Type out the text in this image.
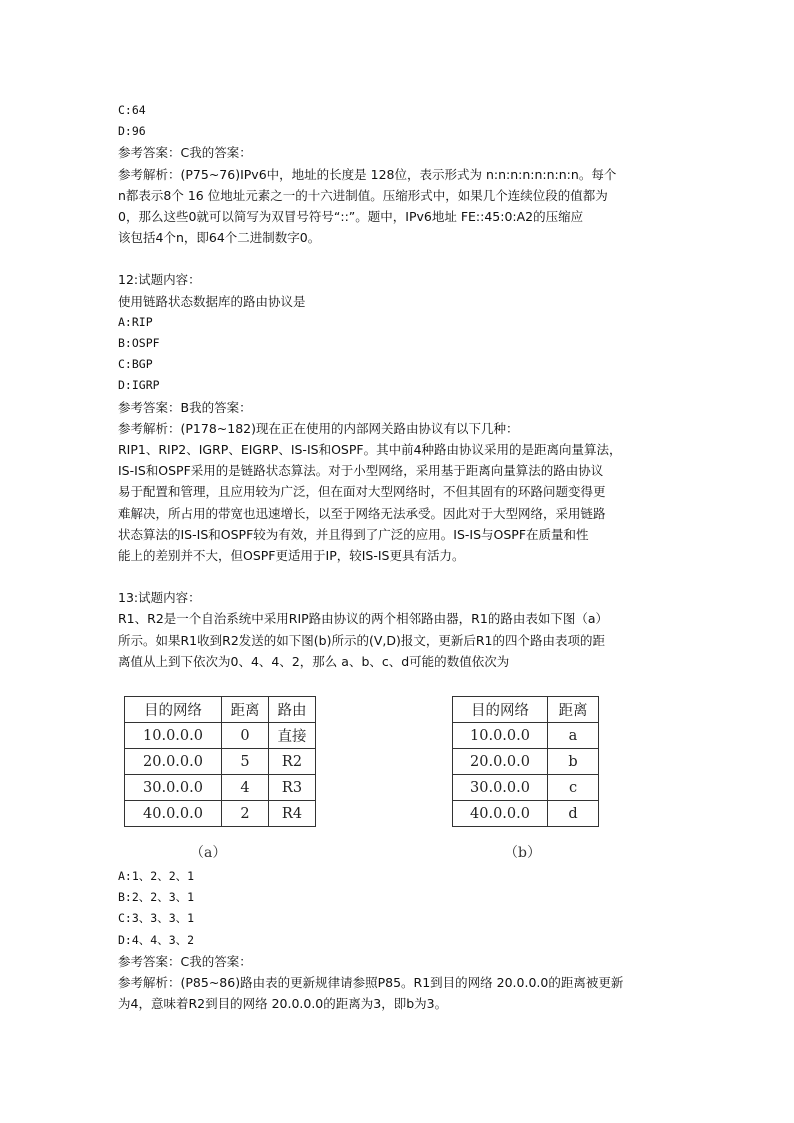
C:64

D:96

参考答案：C我的答案：

参考解析：(P75~76)IPv6中，地址的长度是 128位，表示形式为 n:n:n:n:n:n:n:n。每个

n都表示8个 16 位地址元素之一的十六进制值。压缩形式中，如果几个连续位段的值都为

0，那么这些0就可以简写为双冒号符号“::”。题中，IPv6地址 FE::45:0:A2的压缩应

该包括4个n，即64个二进制数字0。

12:试题内容：

使用链路状态数据库的路由协议是

A:RIP

B:OSPF

C:BGP

D:IGRP

参考答案：B我的答案：

参考解析：(P178~182)现在正在使用的内部网关路由协议有以下几种：

RIP1、RIP2、IGRP、EIGRP、IS-IS和OSPF。其中前4种路由协议采用的是距离向量算法，

IS-IS和OSPF采用的是链路状态算法。对于小型网络，采用基于距离向量算法的路由协议

易于配置和管理，且应用较为广泛，但在面对大型网络时，不但其固有的环路问题变得更

难解决，所占用的带宽也迅速增长，以至于网络无法承受。因此对于大型网络，采用链路

状态算法的IS-IS和OSPF较为有效，并且得到了广泛的应用。IS-IS与OSPF在质量和性

能上的差别并不大，但OSPF更适用于IP，较IS-IS更具有活力。

13:试题内容：

R1、R2是一个自治系统中采用RIP路由协议的两个相邻路由器，R1的路由表如下图（a）

所示。如果R1收到R2发送的如下图(b)所示的(V,D)报文，更新后R1的四个路由表项的距

离值从上到下依次为0、4、4、2，那么 a、b、c、d可能的数值依次为

目的网络	距离	路由
10.0.0.0	0	直接
20.0.0.0	5	R2
30.0.0.0	4	R3
40.0.0.0	2	R4
（a）
目的网络	距离
10.0.0.0	a
20.0.0.0	b
30.0.0.0	c
40.0.0.0	d
（b）

A:1、2、2、1

B:2、2、3、1

C:3、3、3、1

D:4、4、3、2

参考答案：C我的答案：

参考解析：(P85~86)路由表的更新规律请参照P85。R1到目的网络 20.0.0.0的距离被更新

为4，意味着R2到目的网络 20.0.0.0的距离为3，即b为3。
